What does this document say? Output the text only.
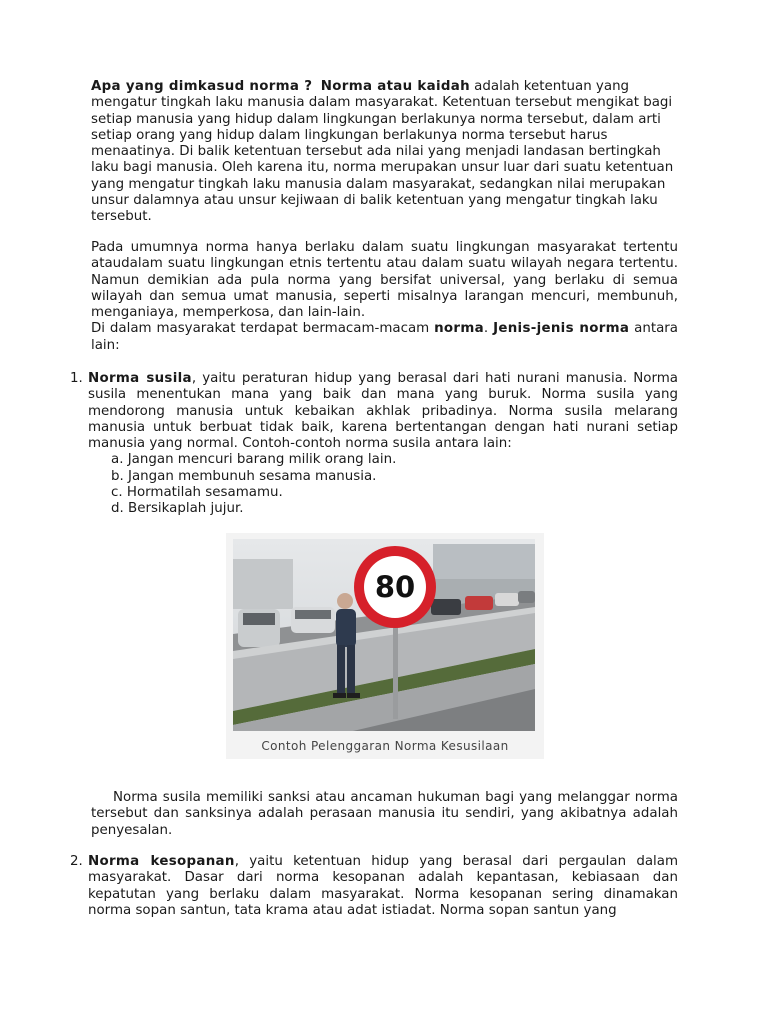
Apa yang dimkasud norma ? Norma atau kaidah adalah ketentuan yang mengatur tingkah laku manusia dalam masyarakat. Ketentuan tersebut mengikat bagi setiap manusia yang hidup dalam lingkungan berlakunya norma tersebut, dalam arti setiap orang yang hidup dalam lingkungan berlakunya norma tersebut harus menaatinya. Di balik ketentuan tersebut ada nilai yang menjadi landasan bertingkah laku bagi manusia. Oleh karena itu, norma merupakan unsur luar dari suatu ketentuan yang mengatur tingkah laku manusia dalam masyarakat, sedangkan nilai merupakan unsur dalamnya atau unsur kejiwaan di balik ketentuan yang mengatur tingkah laku tersebut.

Pada umumnya norma hanya berlaku dalam suatu lingkungan masyarakat tertentu ataudalam suatu lingkungan etnis tertentu atau dalam suatu wilayah negara tertentu. Namun demikian ada pula norma yang bersifat universal, yang berlaku di semua wilayah dan semua umat manusia, seperti misalnya larangan mencuri, membunuh, menganiaya, memperkosa, dan lain-lain.

Di dalam masyarakat terdapat bermacam-macam norma. Jenis-jenis norma antara lain:

1. Norma susila, yaitu peraturan hidup yang berasal dari hati nurani manusia. Norma susila menentukan mana yang baik dan mana yang buruk. Norma susila yang mendorong manusia untuk kebaikan akhlak pribadinya. Norma susila melarang manusia untuk berbuat tidak baik, karena bertentangan dengan hati nurani setiap manusia yang normal. Contoh-contoh norma susila antara lain:

a. Jangan mencuri barang milik orang lain.

b. Jangan membunuh sesama manusia.

c. Hormatilah sesamamu.

d. Bersikaplah jujur.

80
Contoh Pelenggaran Norma Kesusilaan

Norma susila memiliki sanksi atau ancaman hukuman bagi yang melanggar norma tersebut dan sanksinya adalah perasaan manusia itu sendiri, yang akibatnya adalah penyesalan.

2. Norma kesopanan, yaitu ketentuan hidup yang berasal dari pergaulan dalam masyarakat. Dasar dari norma kesopanan adalah kepantasan, kebiasaan dan kepatutan yang berlaku dalam masyarakat. Norma kesopanan sering dinamakan norma sopan santun, tata krama atau adat istiadat. Norma sopan santun yang
